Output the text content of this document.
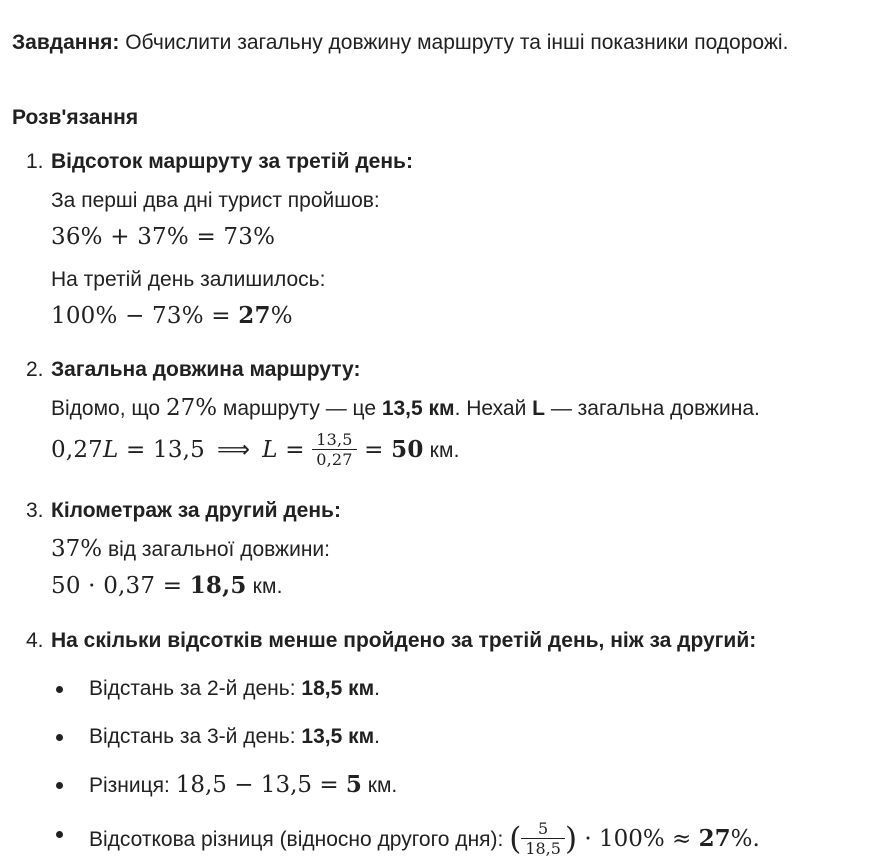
Завдання: Обчислити загальну довжину маршруту та інші показники подорожі.

Розв'язання
1. Відсоток маршруту за третій день:
За перші два дні турист пройшов:
36% + 37% = 73%
На третій день залишилось:
100% − 73% = 27%
2. Загальна довжина маршруту:
Відомо, що 27% маршруту — це 13,5 км. Нехай L — загальна довжина.
0,27L = 13,5 ⟹ $L = \frac{13,5}{0,27} = 50$ км.
3. Кілометраж за другий день:
37% від загальної довжини:
50 · 0,37 = 18,5 км.
4. На скільки відсотків менше пройдено за третій день, ніж за другий:
Відстань за 2-й день: 18,5 км.
Відстань за 3-й день: 13,5 км.
Різниця: 18,5 − 13,5 = 5 км.
Відсоткова різниця (відносно другого дня): ( $\frac{5}{18,5}$ ) · 100% ≈ 27%.
